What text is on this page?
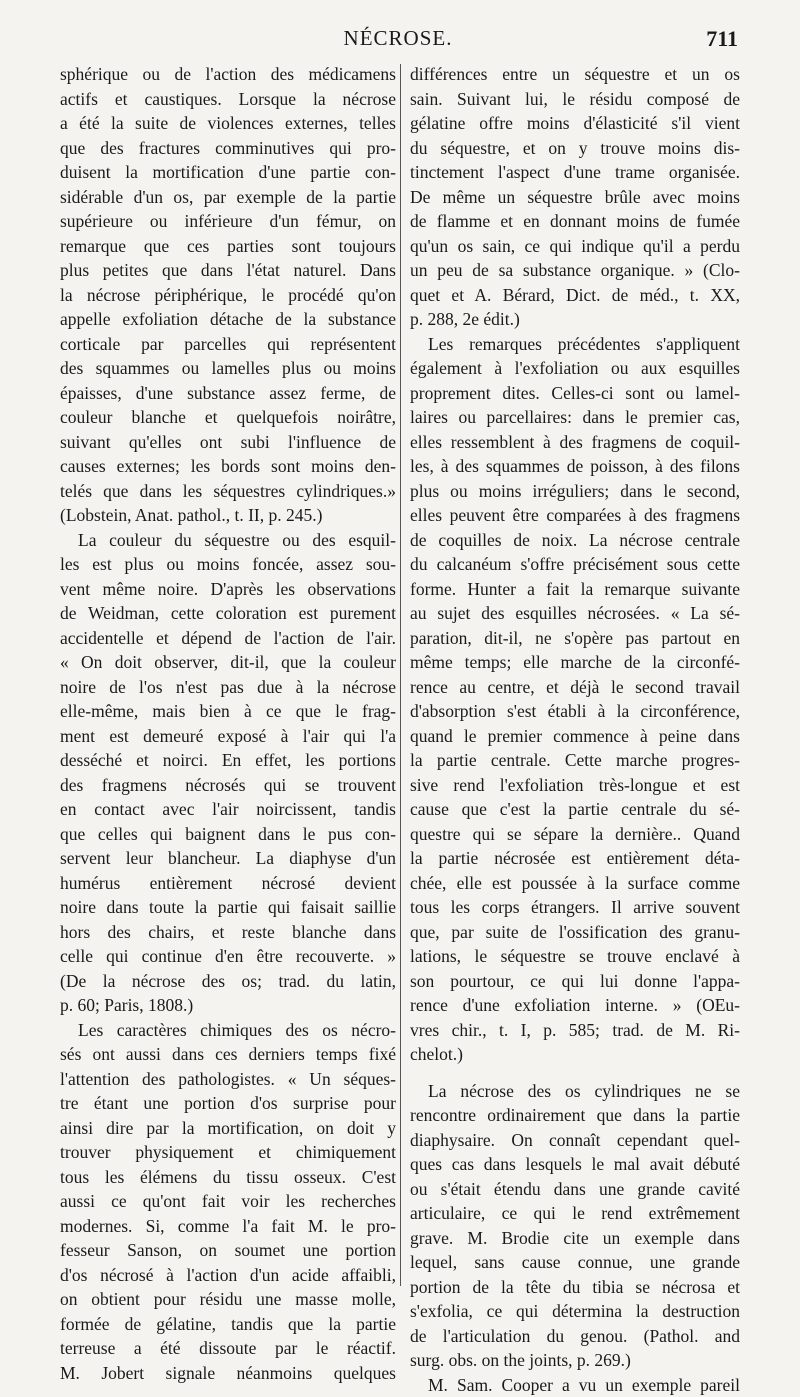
NÉCROSE.	711
sphérique ou de l'action des médicamens
actifs et caustiques. Lorsque la nécrose
a été la suite de violences externes, telles
que des fractures comminutives qui pro-
duisent la mortification d'une partie con-
sidérable d'un os, par exemple de la partie
supérieure ou inférieure d'un fémur, on
remarque que ces parties sont toujours
plus petites que dans l'état naturel. Dans
la nécrose périphérique, le procédé qu'on
appelle exfoliation détache de la substance
corticale par parcelles qui représentent
des squammes ou lamelles plus ou moins
épaisses, d'une substance assez ferme, de
couleur blanche et quelquefois noirâtre,
suivant qu'elles ont subi l'influence de
causes externes; les bords sont moins den-
telés que dans les séquestres cylindriques.»
(Lobstein, Anat. pathol., t. II, p. 245.)
La couleur du séquestre ou des esquil-
les est plus ou moins foncée, assez sou-
vent même noire. D'après les observations
de Weidman, cette coloration est purement
accidentelle et dépend de l'action de l'air.
« On doit observer, dit-il, que la couleur
noire de l'os n'est pas due à la nécrose
elle-même, mais bien à ce que le frag-
ment est demeuré exposé à l'air qui l'a
desséché et noirci. En effet, les portions
des fragmens nécrosés qui se trouvent
en contact avec l'air noircissent, tandis
que celles qui baignent dans le pus con-
servent leur blancheur. La diaphyse d'un
humérus entièrement nécrosé devient
noire dans toute la partie qui faisait saillie
hors des chairs, et reste blanche dans
celle qui continue d'en être recouverte. »
(De la nécrose des os; trad. du latin,
p. 60; Paris, 1808.)
Les caractères chimiques des os nécro-
sés ont aussi dans ces derniers temps fixé
l'attention des pathologistes. « Un séques-
tre étant une portion d'os surprise pour
ainsi dire par la mortification, on doit y
trouver physiquement et chimiquement
tous les élémens du tissu osseux. C'est
aussi ce qu'ont fait voir les recherches
modernes. Si, comme l'a fait M. le pro-
fesseur Sanson, on soumet une portion
d'os nécrosé à l'action d'un acide affaibli,
on obtient pour résidu une masse molle,
formée de gélatine, tandis que la partie
terreuse a été dissoute par le réactif.
M. Jobert signale néanmoins quelques
différences entre un séquestre et un os
sain. Suivant lui, le résidu composé de
gélatine offre moins d'élasticité s'il vient
du séquestre, et on y trouve moins dis-
tinctement l'aspect d'une trame organisée.
De même un séquestre brûle avec moins
de flamme et en donnant moins de fumée
qu'un os sain, ce qui indique qu'il a perdu
un peu de sa substance organique. » (Clo-
quet et A. Bérard, Dict. de méd., t. XX,
p. 288, 2e édit.)
Les remarques précédentes s'appliquent
également à l'exfoliation ou aux esquilles
proprement dites. Celles-ci sont ou lamel-
laires ou parcellaires: dans le premier cas,
elles ressemblent à des fragmens de coquil-
les, à des squammes de poisson, à des filons
plus ou moins irréguliers; dans le second,
elles peuvent être comparées à des fragmens
de coquilles de noix. La nécrose centrale
du calcanéum s'offre précisément sous cette
forme. Hunter a fait la remarque suivante
au sujet des esquilles nécrosées. « La sé-
paration, dit-il, ne s'opère pas partout en
même temps; elle marche de la circonfé-
rence au centre, et déjà le second travail
d'absorption s'est établi à la circonférence,
quand le premier commence à peine dans
la partie centrale. Cette marche progres-
sive rend l'exfoliation très-longue et est
cause que c'est la partie centrale du sé-
questre qui se sépare la dernière.. Quand
la partie nécrosée est entièrement déta-
chée, elle est poussée à la surface comme
tous les corps étrangers. Il arrive souvent
que, par suite de l'ossification des granu-
lations, le séquestre se trouve enclavé à
son pourtour, ce qui lui donne l'appa-
rence d'une exfoliation interne. » (OEu-
vres chir., t. I, p. 585; trad. de M. Ri-
chelot.)
La nécrose des os cylindriques ne se
rencontre ordinairement que dans la partie
diaphysaire. On connaît cependant quel-
ques cas dans lesquels le mal avait débuté
ou s'était étendu dans une grande cavité
articulaire, ce qui le rend extrêmement
grave. M. Brodie cite un exemple dans
lequel, sans cause connue, une grande
portion de la tête du tibia se nécrosa et
s'exfolia, ce qui détermina la destruction
de l'articulation du genou. (Pathol. and
surg. obs. on the joints, p. 269.)
M. Sam. Cooper a vu un exemple pareil
